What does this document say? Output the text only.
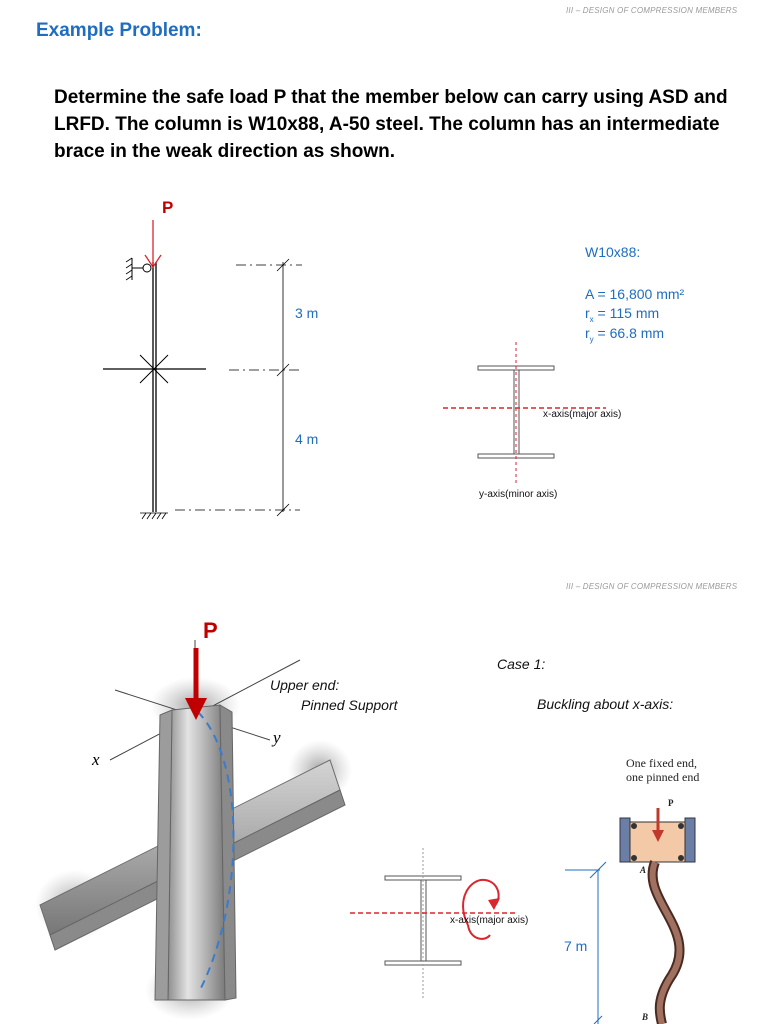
III – DESIGN OF COMPRESSION MEMBERS
Example Problem:
Determine the safe load P that the member below can carry using ASD and LRFD. The column is W10x88, A-50 steel. The column has an intermediate brace in the weak direction as shown.
P
3 m
4 m
W10x88:
A = 16,800 mm²
$r_x = 115$ mm
$r_y = 66.8$ mm
x-axis(major axis)
y-axis(minor axis)
III – DESIGN OF COMPRESSION MEMBERS
P
x
y
Upper end:
Pinned Support
Case 1:
Buckling about x-axis:
x-axis(major axis)
7 m
One fixed end,
one pinned end
P
A
B
